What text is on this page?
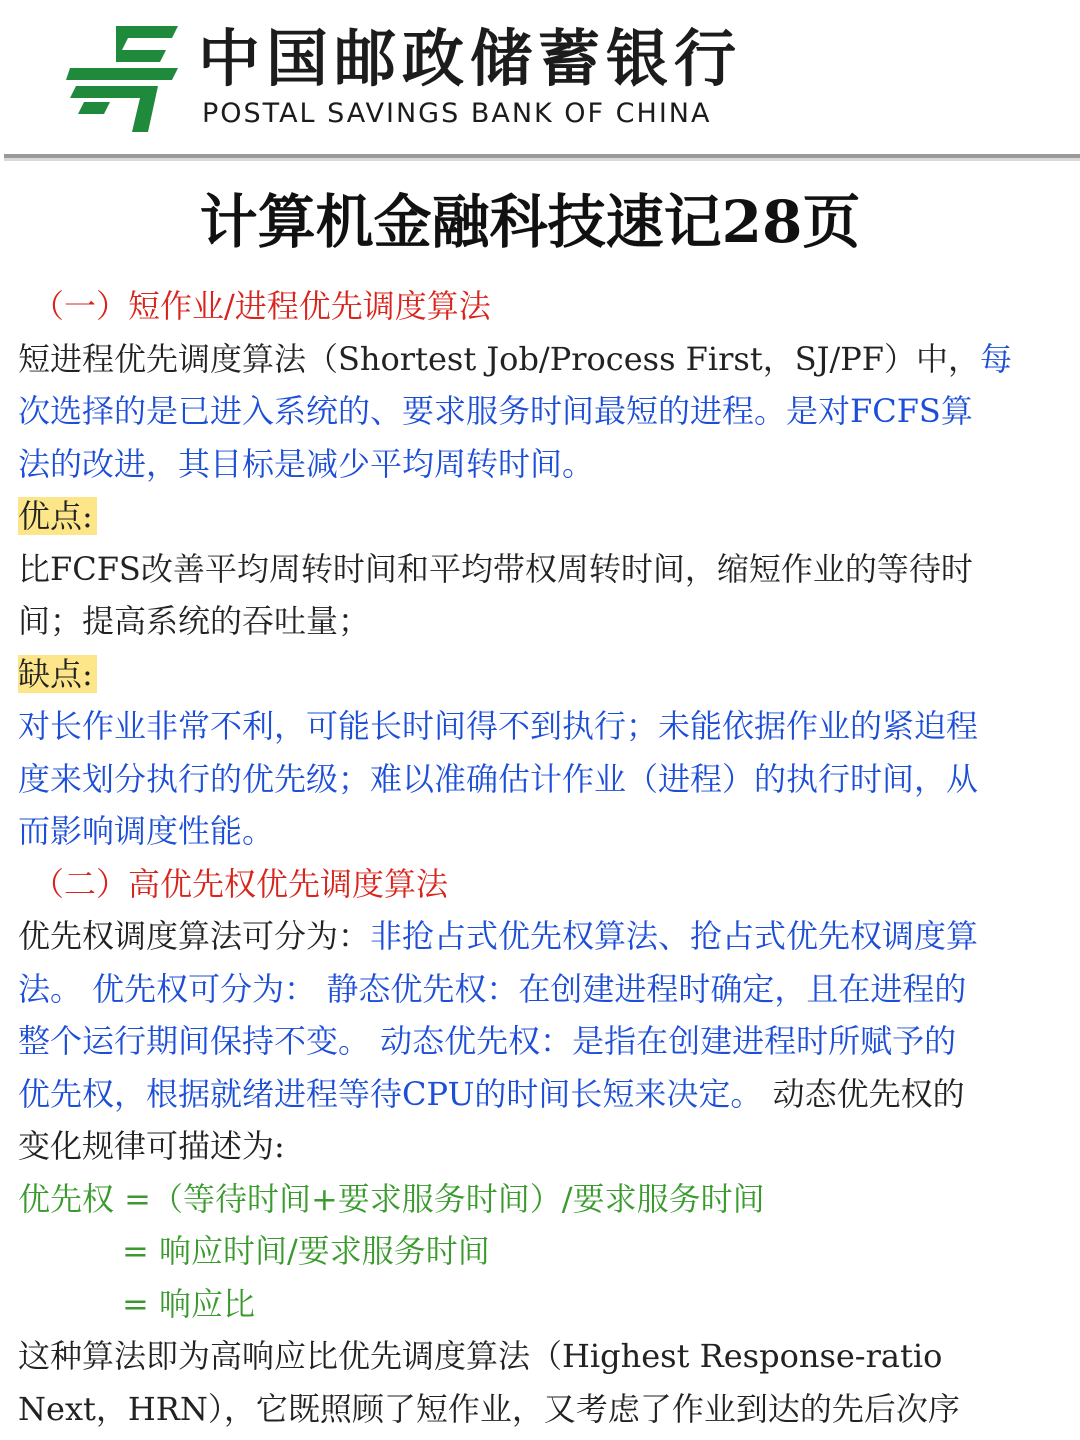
中国邮政储蓄银行
POSTAL SAVINGS BANK OF CHINA
计算机金融科技速记28页
（一）短作业/进程优先调度算法
短进程优先调度算法（Shortest Job/Process First，SJ/PF）中，每
次选择的是已进入系统的、要求服务时间最短的进程。是对FCFS算
法的改进，其目标是减少平均周转时间。
优点:
比FCFS改善平均周转时间和平均带权周转时间，缩短作业的等待时
间；提高系统的吞吐量；
缺点:
对长作业非常不利，可能长时间得不到执行；未能依据作业的紧迫程
度来划分执行的优先级；难以准确估计作业（进程）的执行时间，从
而影响调度性能。
（二）高优先权优先调度算法
优先权调度算法可分为：非抢占式优先权算法、抢占式优先权调度算
法。 优先权可分为： 静态优先权：在创建进程时确定，且在进程的
整个运行期间保持不变。 动态优先权：是指在创建进程时所赋予的
优先权，根据就绪进程等待CPU的时间长短来决定。 动态优先权的
变化规律可描述为:
优先权 =（等待时间+要求服务时间）/要求服务时间
= 响应时间/要求服务时间
= 响应比
这种算法即为高响应比优先调度算法（Highest Response-ratio
Next，HRN），它既照顾了短作业，又考虑了作业到达的先后次序
